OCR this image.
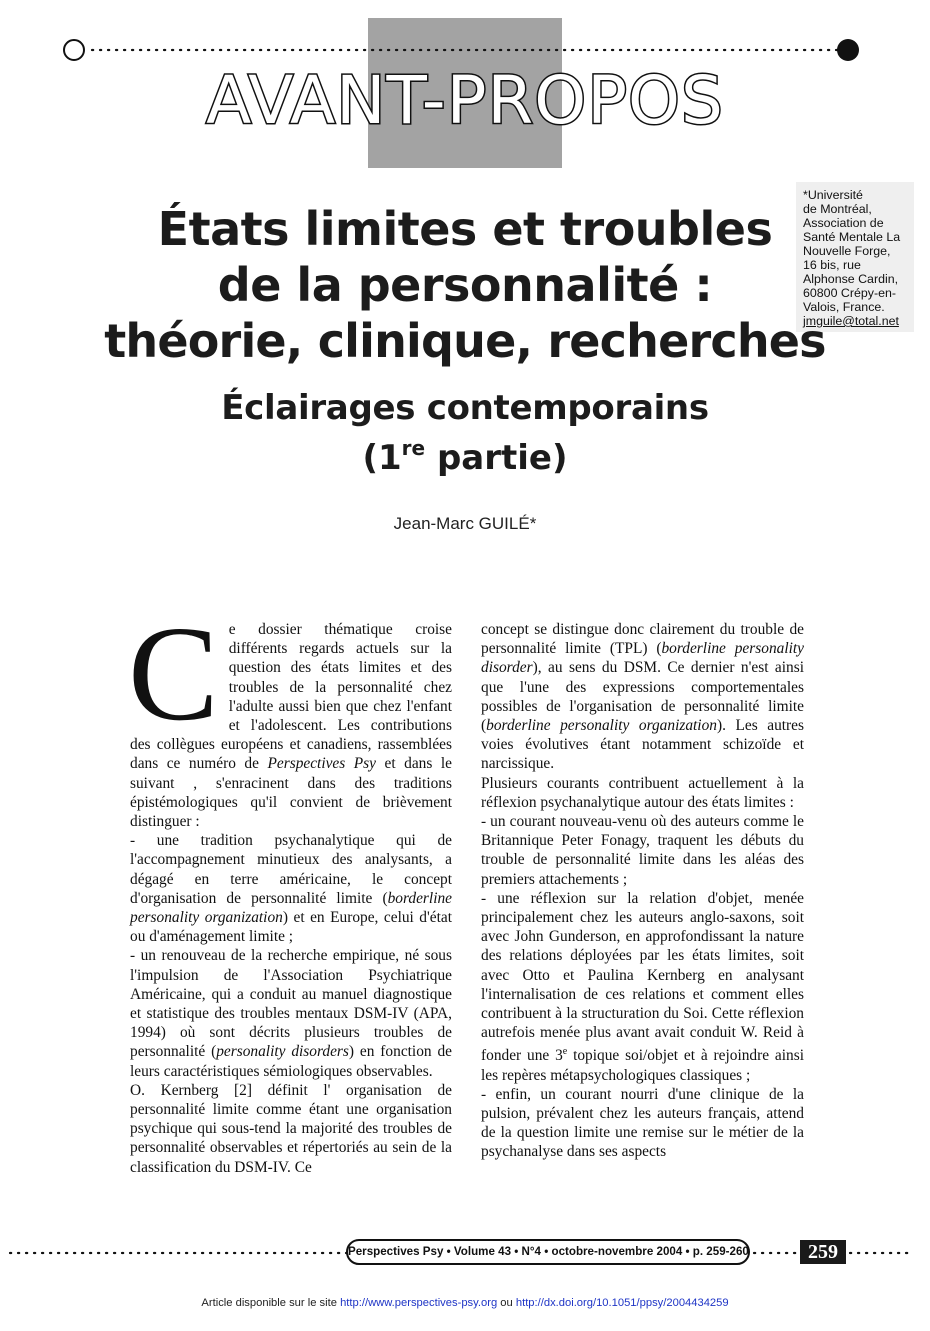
AVANT-PROPOS
*Université
de Montréal,
Association de
Santé Mentale La
Nouvelle Forge,
16 bis, rue
Alphonse Cardin,
60800 Crépy-en-
Valois, France.
jmguile@total.net
États limites et troubles
de la personnalité :
théorie, clinique, recherches
Éclairages contemporains
(1re partie)
Jean-Marc GUILÉ*

Ce dossier thématique croise différents regards actuels sur la question des états limites et des troubles de la personnalité chez l'adulte aussi bien que chez l'enfant et l'adolescent. Les contributions des collègues européens et canadiens, rassemblées dans ce numéro de Perspectives Psy et dans le suivant , s'enracinent dans des traditions épistémologiques qu'il convient de brièvement distinguer :

- une tradition psychanalytique qui de l'accompagnement minutieux des analysants, a dégagé en terre américaine, le concept d'organisation de personnalité limite (borderline personality organization) et en Europe, celui d'état ou d'aménagement limite ;

- un renouveau de la recherche empirique, né sous l'impulsion de l'Association Psychiatrique Américaine, qui a conduit au manuel diagnostique et statistique des troubles mentaux DSM-IV (APA, 1994) où sont décrits plusieurs troubles de personnalité (personality disorders) en fonction de leurs caractéristiques sémiologiques observables.

O. Kernberg [2] définit l' organisation de personnalité limite comme étant une organisation psychique qui sous-tend la majorité des troubles de personnalité observables et répertoriés au sein de la classification du DSM-IV. Ce

concept se distingue donc clairement du trouble de personnalité limite (TPL) (borderline personality disorder), au sens du DSM. Ce dernier n'est ainsi que l'une des expressions comportementales possibles de l'organisation de personnalité limite (borderline personality organization). Les autres voies évolutives étant notamment schizoïde et narcissique.

Plusieurs courants contribuent actuellement à la réflexion psychanalytique autour des états limites :

- un courant nouveau-venu où des auteurs comme le Britannique Peter Fonagy, traquent les débuts du trouble de personnalité limite dans les aléas des premiers attachements ;

- une réflexion sur la relation d'objet, menée principalement chez les auteurs anglo-saxons, soit avec John Gunderson, en approfondissant la nature des relations déployées par les états limites, soit avec Otto et Paulina Kernberg en analysant l'internalisation de ces relations et comment elles contribuent à la structuration du Soi. Cette réflexion autrefois menée plus avant avait conduit W. Reid à fonder une 3e topique soi/objet et à rejoindre ainsi les repères métapsychologiques classiques ;

- enfin, un courant nourri d'une clinique de la pulsion, prévalent chez les auteurs français, attend de la question limite une remise sur le métier de la psychanalyse dans ses aspects

Perspectives Psy • Volume 43 • N°4 • octobre-novembre 2004 • p. 259-260	259
Article disponible sur le site http://www.perspectives-psy.org ou http://dx.doi.org/10.1051/ppsy/2004434259
